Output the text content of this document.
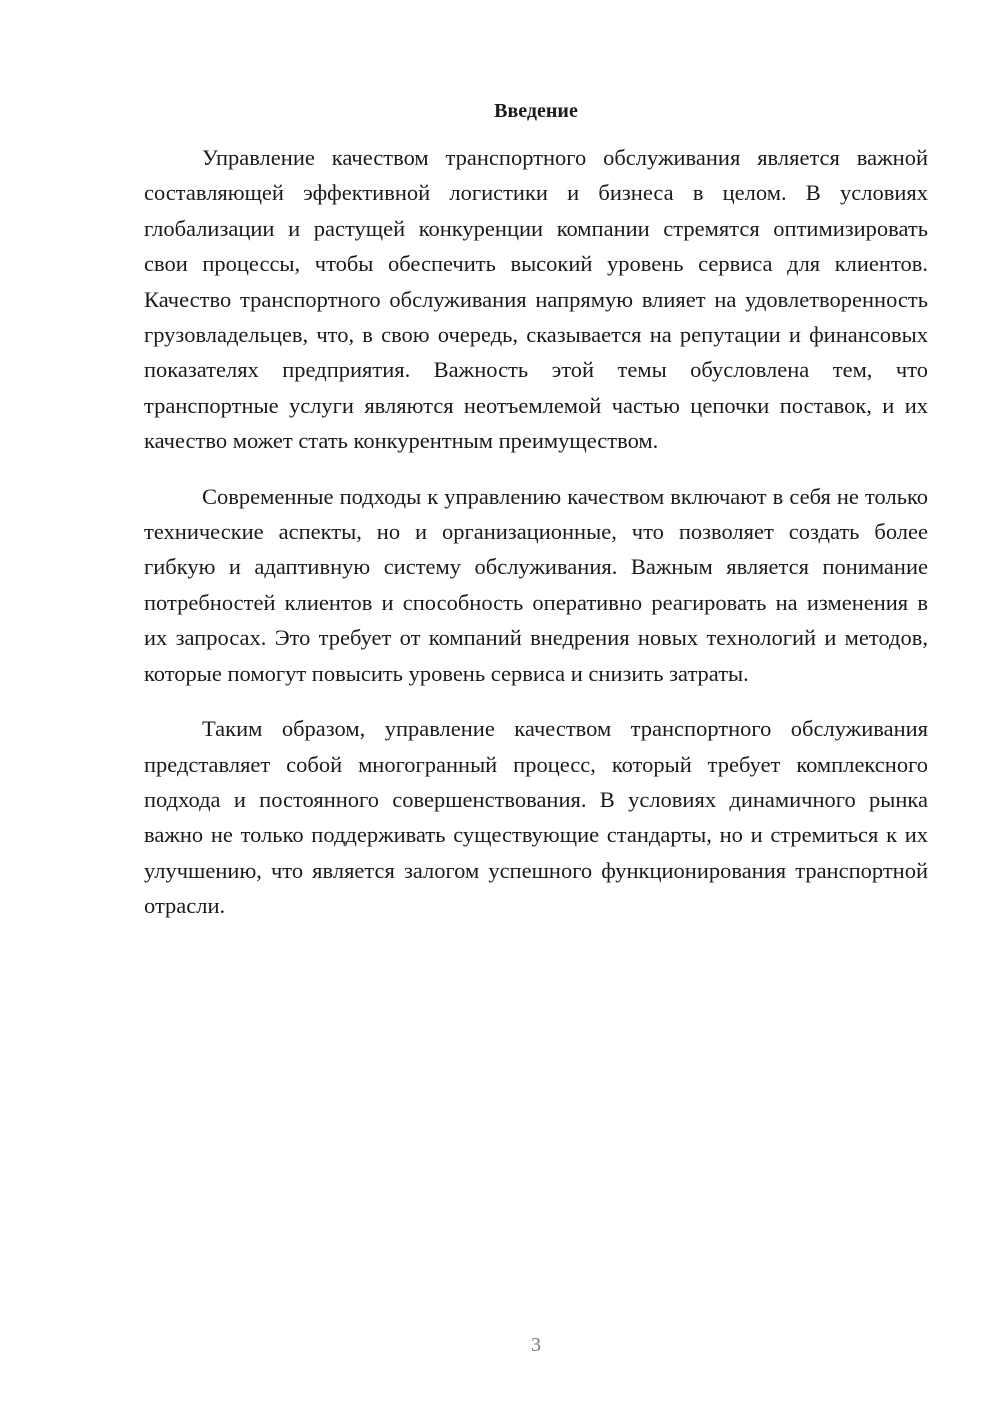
Введение

Управление качеством транспортного обслуживания является важной составляющей эффективной логистики и бизнеса в целом. В условиях глобализации и растущей конкуренции компании стремятся оптимизировать свои процессы, чтобы обеспечить высокий уровень сервиса для клиентов. Качество транспортного обслуживания напрямую влияет на удовлетворенность грузовладельцев, что, в свою очередь, сказывается на репутации и финансовых показателях предприятия. Важность этой темы обусловлена тем, что транспортные услуги являются неотъемлемой частью цепочки поставок, и их качество может стать конкурентным преимуществом.

Современные подходы к управлению качеством включают в себя не только технические аспекты, но и организационные, что позволяет создать более гибкую и адаптивную систему обслуживания. Важным является понимание потребностей клиентов и способность оперативно реагировать на изменения в их запросах. Это требует от компаний внедрения новых технологий и методов, которые помогут повысить уровень сервиса и снизить затраты.

Таким образом, управление качеством транспортного обслуживания представляет собой многогранный процесс, который требует комплексного подхода и постоянного совершенствования. В условиях динамичного рынка важно не только поддерживать существующие стандарты, но и стремиться к их улучшению, что является залогом успешного функционирования транспортной отрасли.

3
